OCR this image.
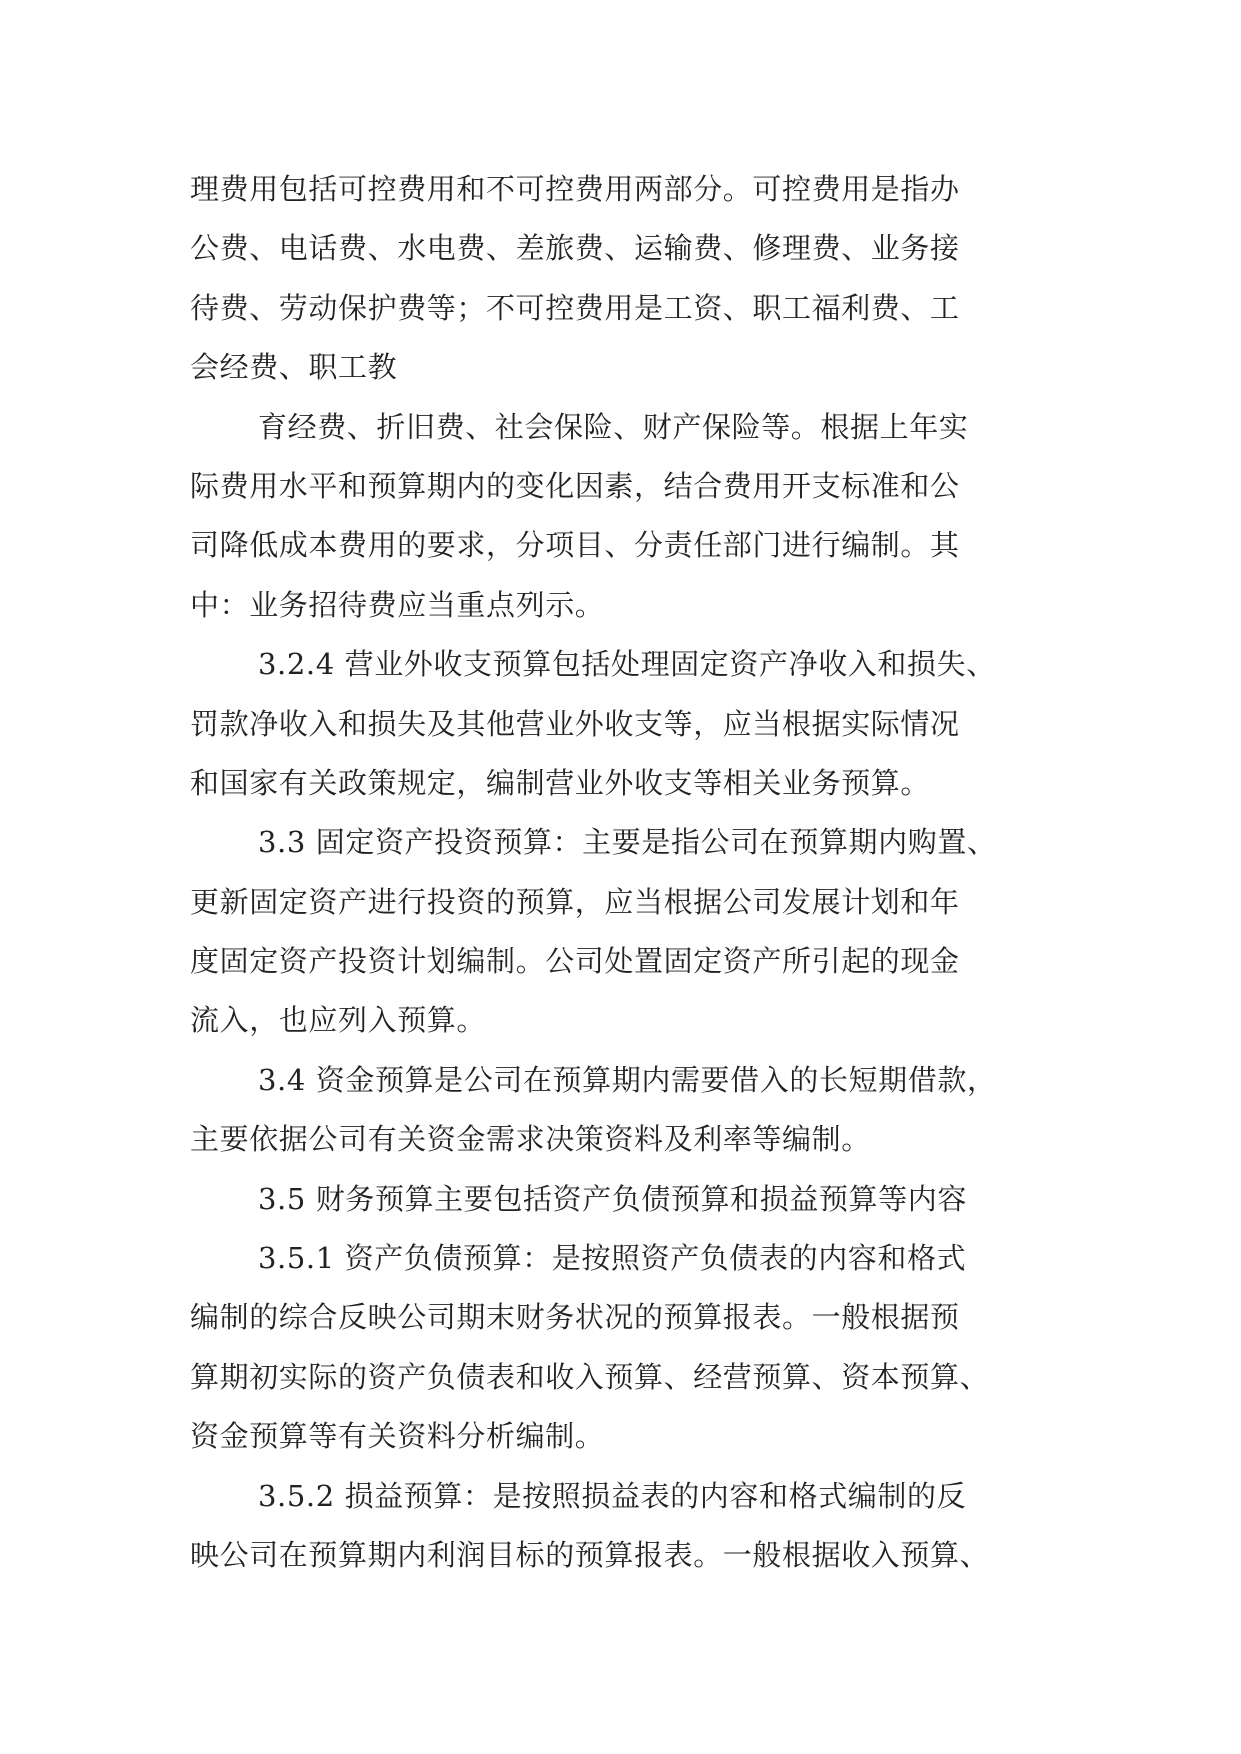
理费用包括可控费用和不可控费用两部分。可控费用是指办
公费、电话费、水电费、差旅费、运输费、修理费、业务接
待费、劳动保护费等；不可控费用是工资、职工福利费、工
会经费、职工教
育经费、折旧费、社会保险、财产保险等。根据上年实
际费用水平和预算期内的变化因素，结合费用开支标准和公
司降低成本费用的要求，分项目、分责任部门进行编制。其
中：业务招待费应当重点列示。
3.2.4 营业外收支预算包括处理固定资产净收入和损失、
罚款净收入和损失及其他营业外收支等，应当根据实际情况
和国家有关政策规定，编制营业外收支等相关业务预算。
3.3 固定资产投资预算：主要是指公司在预算期内购置、
更新固定资产进行投资的预算，应当根据公司发展计划和年
度固定资产投资计划编制。公司处置固定资产所引起的现金
流入，也应列入预算。
3.4 资金预算是公司在预算期内需要借入的长短期借款，
主要依据公司有关资金需求决策资料及利率等编制。
3.5 财务预算主要包括资产负债预算和损益预算等内容
3.5.1 资产负债预算：是按照资产负债表的内容和格式
编制的综合反映公司期末财务状况的预算报表。一般根据预
算期初实际的资产负债表和收入预算、经营预算、资本预算、
资金预算等有关资料分析编制。
3.5.2 损益预算：是按照损益表的内容和格式编制的反
映公司在预算期内利润目标的预算报表。一般根据收入预算、
